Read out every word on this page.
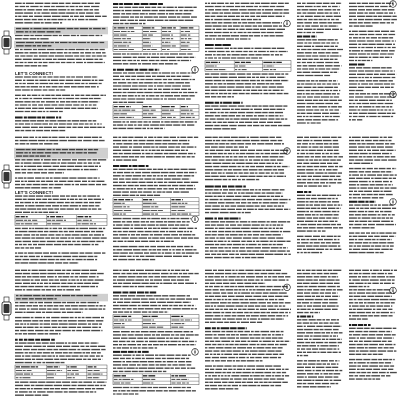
LET'S CONNECT!
LET'S CONNECT!
